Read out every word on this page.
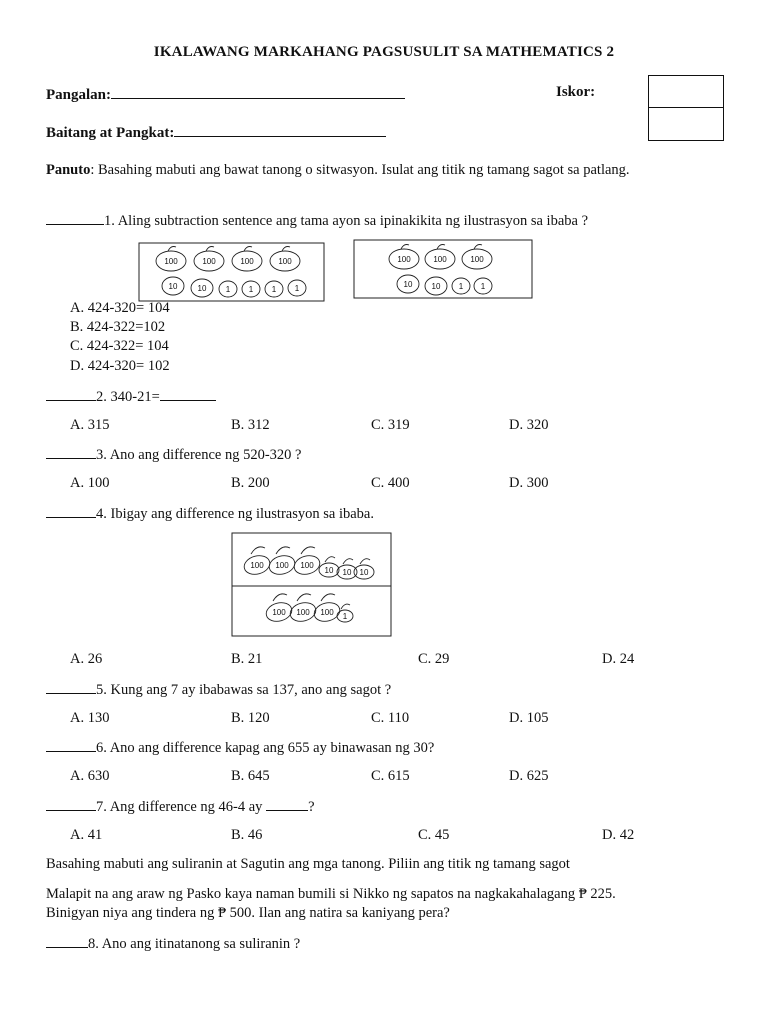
IKALAWANG MARKAHANG PAGSUSULIT SA MATHEMATICS 2
Pangalan:	Iskor:
Baitang at Pangkat:
Panuto: Basahing mabuti ang bawat tanong o sitwasyon. Isulat ang titik ng tamang sagot sa patlang.
1. Aling subtraction sentence ang tama ayon sa ipinakikita ng ilustrasyon sa ibaba ?
100	100	100	100
10	10 1 1 1 1
100	100	100
10 10 1 1
A. 424-320= 104
B. 424-322=102
C. 424-322= 104
D. 424-320= 102
2. 340-21=
A. 315	B. 312	C. 319	D. 320
3. Ano ang difference ng 520-320 ?
A. 100	B. 200	C. 400	D. 300
4. Ibigay ang difference ng ilustrasyon sa ibaba.
100 100 100
10 10 10
100 100 100 1
A. 26	B. 21	C. 29	D. 24
5. Kung ang 7 ay ibabawas sa 137, ano ang sagot ?
A. 130	B. 120	C. 110	D. 105
6. Ano ang difference kapag ang 655 ay binawasan ng 30?
A. 630	B. 645	C. 615	D. 625
7. Ang difference ng 46-4 ay	?
A. 41	B. 46	C. 45	D. 42
Basahing mabuti ang suliranin at Sagutin ang mga tanong. Piliin ang titik ng tamang sagot
Malapit na ang araw ng Pasko kaya naman bumili si Nikko ng sapatos na nagkakahalagang ₱ 225.
Binigyan niya ang tindera ng ₱ 500. Ilan ang natira sa kaniyang pera?
8. Ano ang itinatanong sa suliranin ?
